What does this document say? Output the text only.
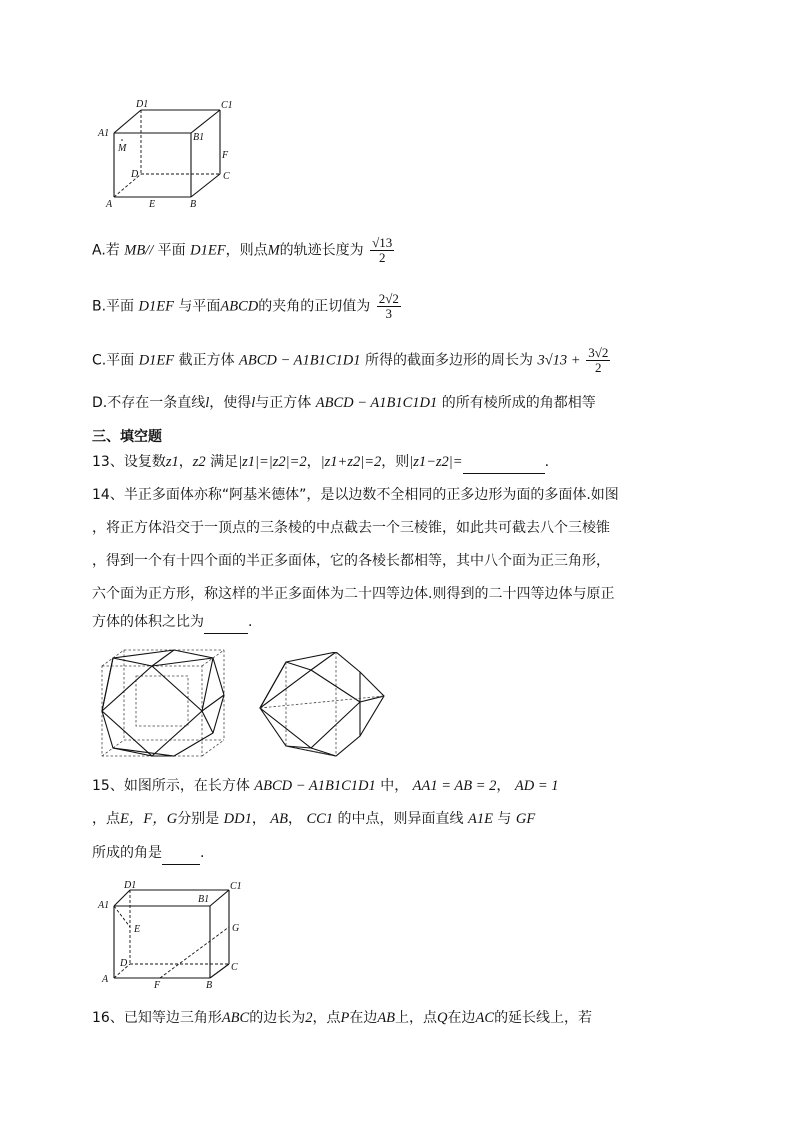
D1	C1
A1	B1
M
F
D	C
A	E	B
A.若 MB// 平面 D1EF，则点M的轨迹长度为 $\frac{√13}{2}$
B.平面 D1EF 与平面ABCD的夹角的正切值为 $\frac{2√2}{3}$
C.平面 D1EF 截正方体 ABCD − A1B1C1D1 所得的截面多边形的周长为 $3√13 + \frac{3√2}{2}$
D.不存在一条直线l，使得l与正方体 ABCD − A1B1C1D1 的所有棱所成的角都相等
三、填空题
13、设复数z1，z2 满足|z1|=|z2|=2，|z1+z2|=2，则|z1−z2|=	.
14、半正多面体亦称“阿基米德体”，是以边数不全相同的正多边形为面的多面体.如图
，将正方体沿交于一顶点的三条棱的中点截去一个三棱锥，如此共可截去八个三棱锥
，得到一个有十四个面的半正多面体，它的各棱长都相等，其中八个面为正三角形，
六个面为正方形，称这样的半正多面体为二十四等边体.则得到的二十四等边体与原正
方体的体积之比为	.
15、如图所示，在长方体 ABCD − A1B1C1D1 中， AA1 = AB = 2， AD = 1
，点E，F，G分别是 DD1， AB， CC1 的中点，则异面直线 A1E 与 GF
所成的角是	.
D1	C1
A1
B1
E	G
D	C
A
F	B
16、已知等边三角形ABC的边长为2，点P在边AB上，点Q在边AC的延长线上，若
